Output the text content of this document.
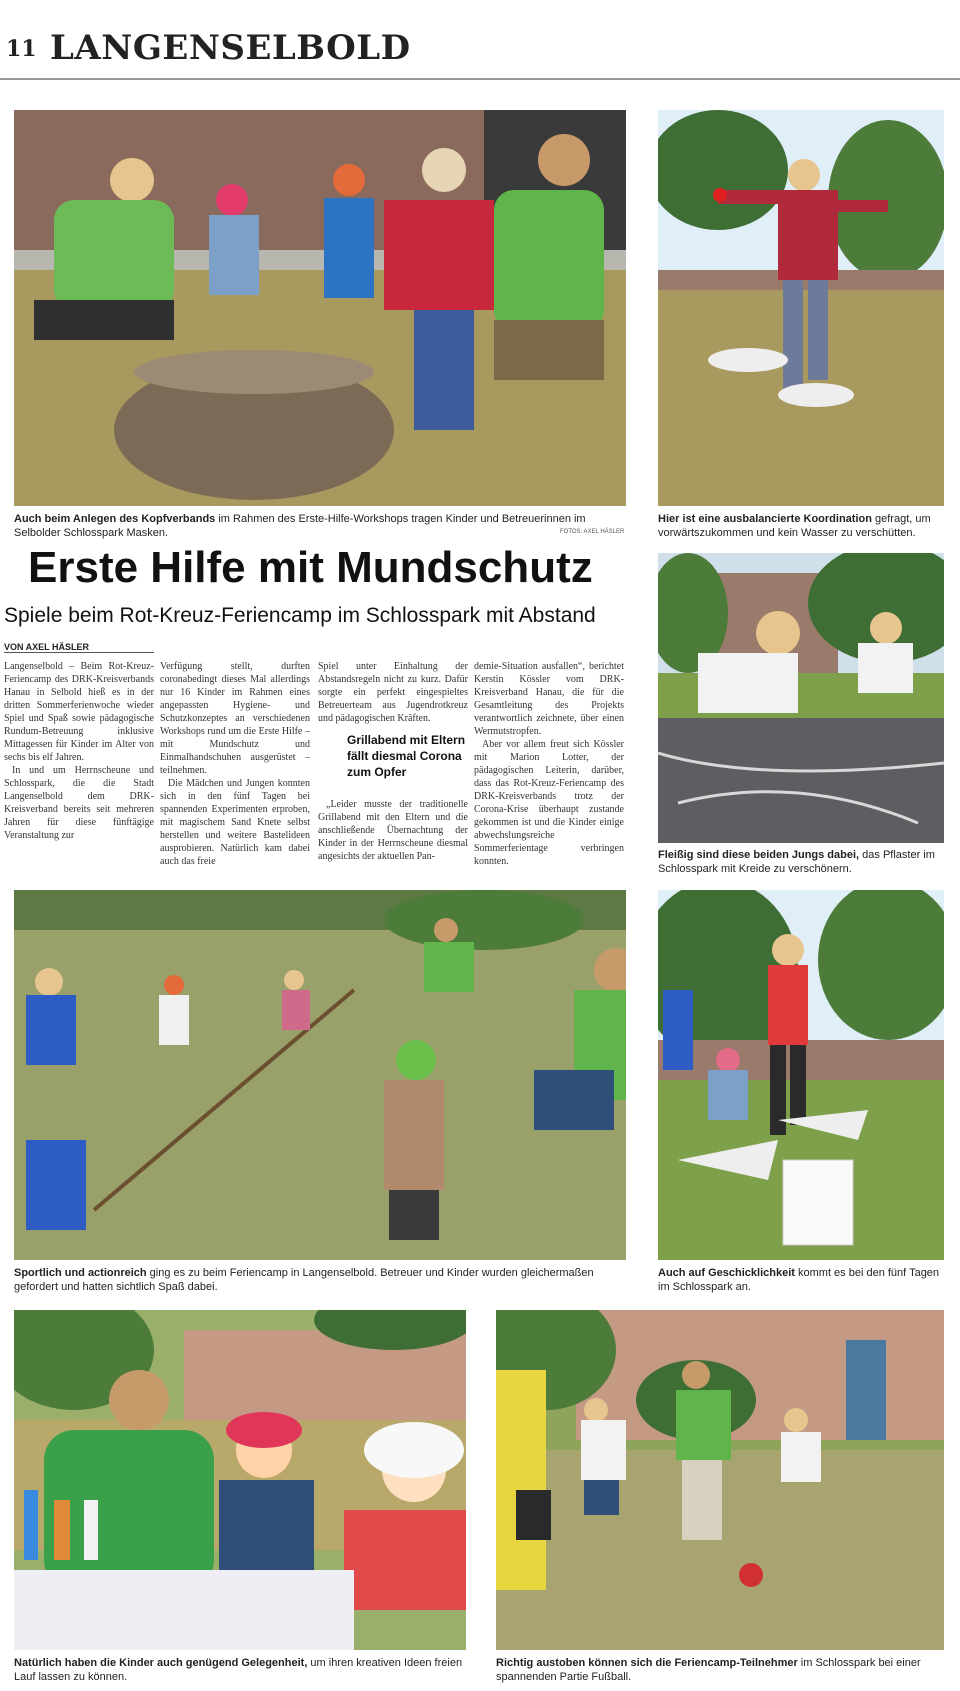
11 LANGENSELBOLD
Auch beim Anlegen des Kopfverbands im Rahmen des Erste-Hilfe-Workshops tragen Kinder und Betreuerinnen im Selbolder Schlosspark Masken.	FOTOS: AXEL HÄSLER
Hier ist eine ausbalancierte Koordination gefragt, um vorwärtszukommen und kein Wasser zu verschütten.
Erste Hilfe mit Mundschutz
Spiele beim Rot-Kreuz-Feriencamp im Schlosspark mit Abstand
VON AXEL HÄSLER

Langenselbold – Beim Rot-Kreuz-Feriencamp des DRK-Kreisverbands Hanau in Selbold hieß es in der dritten Sommerferienwoche wieder Spiel und Spaß sowie pädagogische Rundum-Betreuung inklusive Mittagessen für Kinder im Alter von sechs bis elf Jahren.

In und um Herrnscheune und Schlosspark, die die Stadt Langenselbold dem DRK-Kreisverband bereits seit mehreren Jahren für diese fünftägige Veranstaltung zur

Verfügung stellt, durften coronabedingt dieses Mal allerdings nur 16 Kinder im Rahmen eines angepassten Hygiene- und Schutzkonzeptes an verschiedenen Workshops rund um die Erste Hilfe – mit Mundschutz und Einmalhandschuhen ausgerüstet – teilnehmen.

Die Mädchen und Jungen konnten sich in den fünf Tagen bei spannenden Experimenten erproben, mit magischem Sand Knete selbst herstellen und weitere Bastelideen ausprobieren. Natürlich kam dabei auch das freie

Spiel unter Einhaltung der Abstandsregeln nicht zu kurz. Dafür sorgte ein perfekt eingespieltes Betreuerteam aus Jugendrotkreuz und pädagogischen Kräften.

Grillabend mit Eltern fällt diesmal Corona zum Opfer

„Leider musste der traditionelle Grillabend mit den Eltern und die anschließende Übernachtung der Kinder in der Herrnscheune diesmal angesichts der aktuellen Pan-

demie-Situation ausfallen“, berichtet Kerstin Kössler vom DRK-Kreisverband Hanau, die für die Gesamtleitung des Projekts verantwortlich zeichnete, über einen Wermutstropfen.

Aber vor allem freut sich Kössler mit Marion Lotter, der pädagogischen Leiterin, darüber, dass das Rot-Kreuz-Feriencamp des DRK-Kreisverbands trotz der Corona-Krise überhaupt zustande gekommen ist und die Kinder einige abwechslungsreiche Sommerferientage verbringen konnten.

Fleißig sind diese beiden Jungs dabei, das Pflaster im Schlosspark mit Kreide zu verschönern.
Sportlich und actionreich ging es zu beim Feriencamp in Langenselbold. Betreuer und Kinder wurden gleichermaßen gefordert und hatten sichtlich Spaß dabei.
Auch auf Geschicklichkeit kommt es bei den fünf Tagen im Schlosspark an.
Natürlich haben die Kinder auch genügend Gelegenheit, um ihren kreativen Ideen freien Lauf lassen zu können.
Richtig austoben können sich die Feriencamp-Teilnehmer im Schlosspark bei einer spannenden Partie Fußball.
